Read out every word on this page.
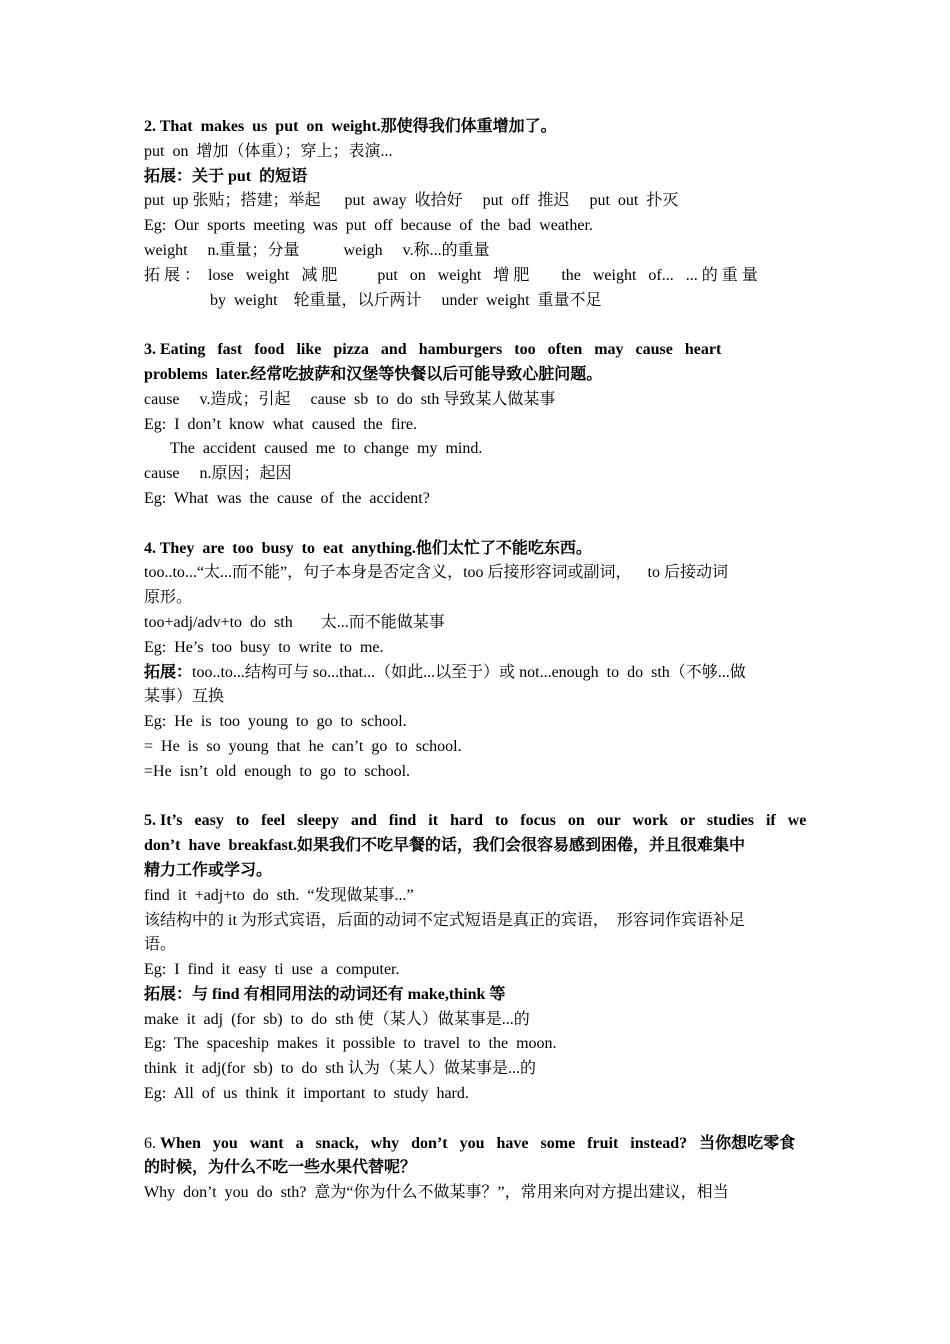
2. That  makes  us  put  on  weight.那使得我们体重增加了。
put  on  增加（体重）；穿上；表演...
拓展：关于 put  的短语
put  up 张贴；搭建；举起      put  away  收拾好     put  off  推迟     put  out  扑灭
Eg:  Our  sports  meeting  was  put  off  because  of  the  bad  weather.
weight     n.重量；分量           weigh     v.称...的重量
拓 展 ：  lose   weight   减 肥          put   on   weight   增 肥        the   weight   of...   ... 的 重 量
by  weight    轮重量，以斤两计     under  weight  重量不足
3. Eating   fast   food   like   pizza   and   hamburgers   too   often   may   cause   heart
problems  later.经常吃披萨和汉堡等快餐以后可能导致心脏问题。
cause     v.造成；引起     cause  sb  to  do  sth 导致某人做某事
Eg:  I  don’t  know  what  caused  the  fire.
The  accident  caused  me  to  change  my  mind.
cause     n.原因；起因
Eg:  What  was  the  cause  of  the  accident?
4. They  are  too  busy  to  eat  anything.他们太忙了不能吃东西。
too..to...“太...而不能”，句子本身是否定含义，too 后接形容词或副词，    to 后接动词
原形。
too+adj/adv+to  do  sth       太...而不能做某事
Eg:  He’s  too  busy  to  write  to  me.
拓展：too..to...结构可与 so...that...（如此...以至于）或 not...enough  to  do  sth（不够...做
某事）互换
Eg:  He  is  too  young  to  go  to  school.
=  He  is  so  young  that  he  can’t  go  to  school.
=He  isn’t  old  enough  to  go  to  school.
5. It’s   easy   to   feel   sleepy   and   find   it   hard   to   focus   on   our   work   or   studies   if   we
don’t  have  breakfast.如果我们不吃早餐的话，我们会很容易感到困倦，并且很难集中
精力工作或学习。
find  it  +adj+to  do  sth.  “发现做某事...”
该结构中的 it 为形式宾语，后面的动词不定式短语是真正的宾语，  形容词作宾语补足
语。
Eg:  I  find  it  easy  ti  use  a  computer.
拓展：与 find 有相同用法的动词还有 make,think 等
make  it  adj  (for  sb)  to  do  sth 使（某人）做某事是...的
Eg:  The  spaceship  makes  it  possible  to  travel  to  the  moon.
think  it  adj(for  sb)  to  do  sth 认为（某人）做某事是...的
Eg:  All  of  us  think  it  important  to  study  hard.
6. When   you   want   a   snack,   why   don’t   you   have   some   fruit   instead?   当你想吃零食
的时候，为什么不吃一些水果代替呢？
Why  don’t  you  do  sth?  意为“你为什么不做某事？”，常用来向对方提出建议，相当
